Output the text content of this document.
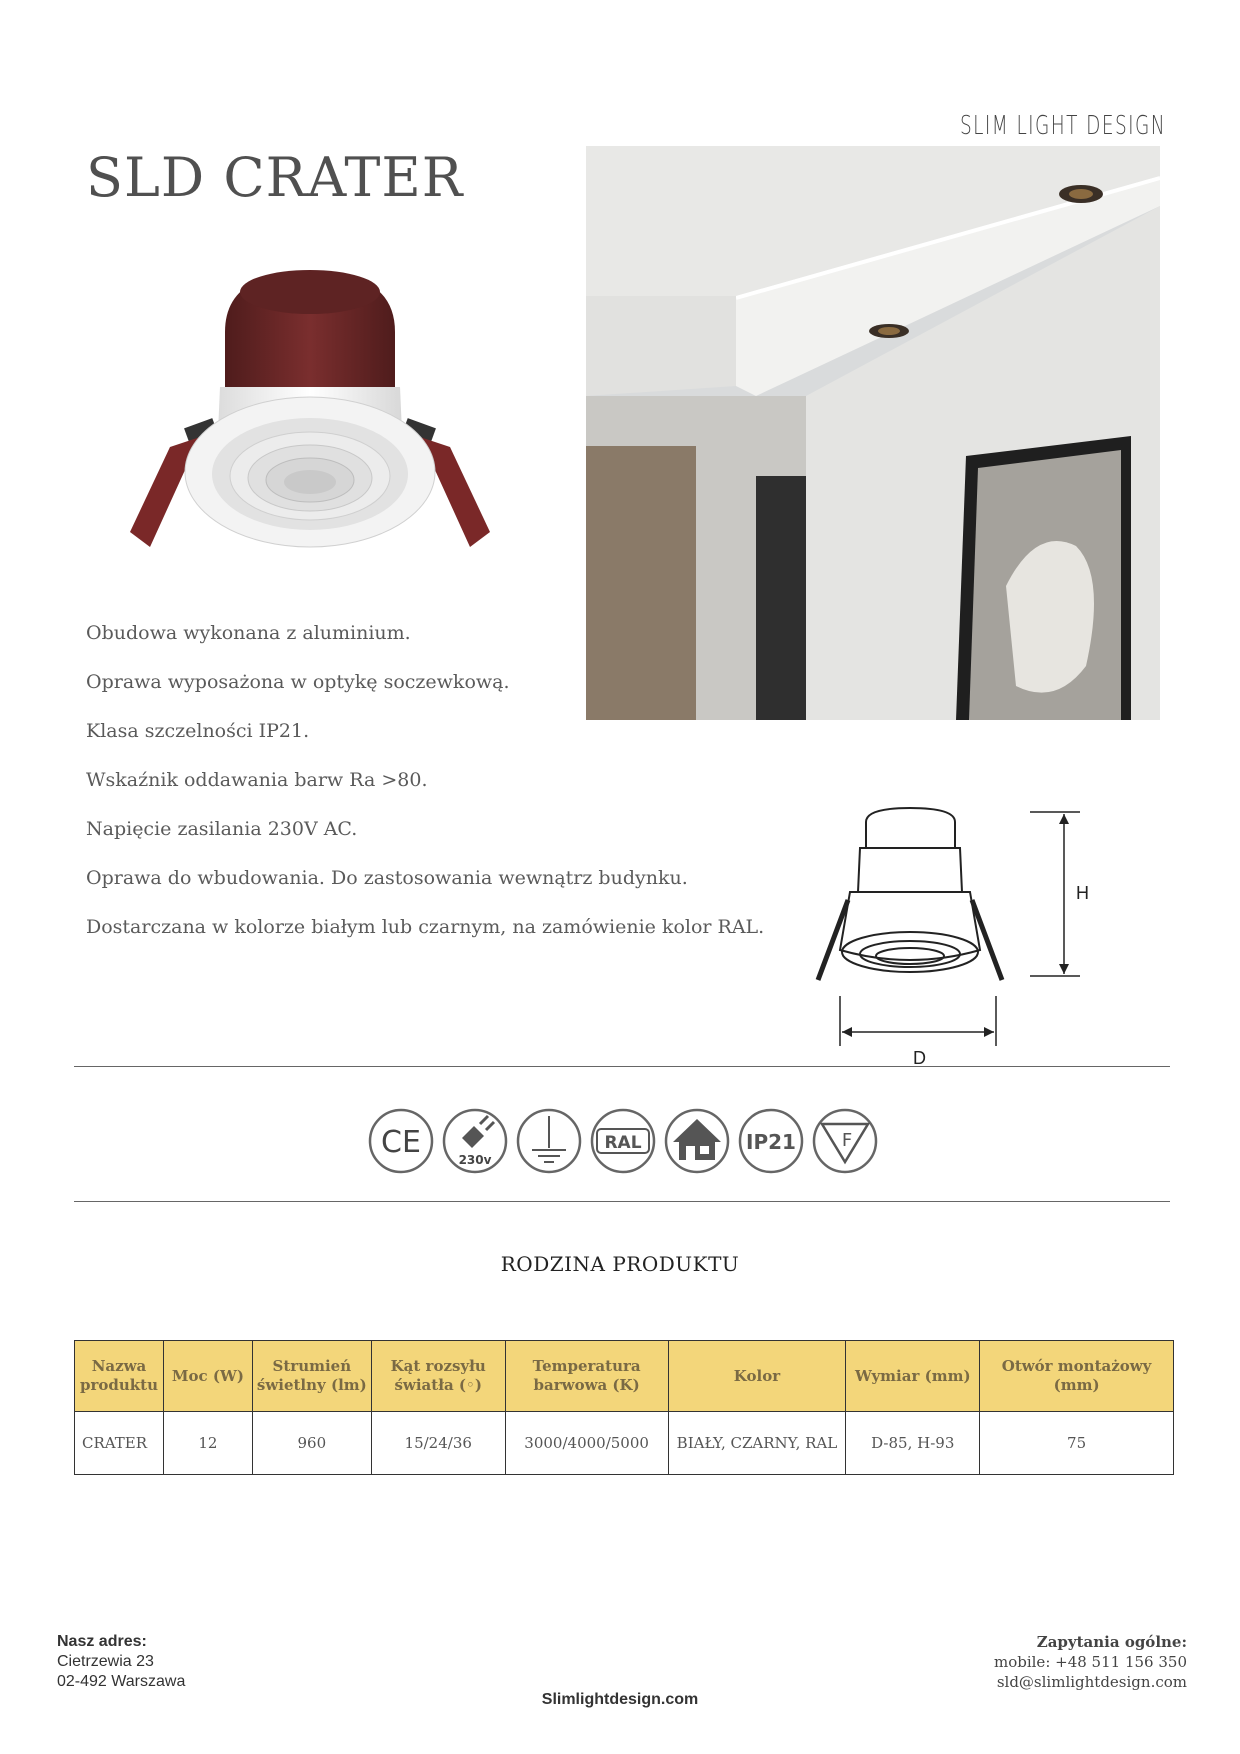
SLIM LIGHT DESIGN
SLD CRATER
Obudowa wykonana z aluminium.
Oprawa wyposażona w optykę soczewkową.
Klasa szczelności IP21.
Wskaźnik oddawania barw Ra >80.
Napięcie zasilania 230V AC.
Oprawa do wbudowania. Do zastosowania wewnątrz budynku.
Dostarczana w kolorze białym lub czarnym, na zamówienie kolor RAL.
H
D
CE	230v
RAL	IP21	F
RODZINA PRODUKTU
Nazwa produktu	Moc (W)	Strumień świetlny (lm)	Kąt rozsyłu światła (◦)	Temperatura barwowa (K)	Kolor	Wymiar (mm)	Otwór montażowy (mm)
CRATER	12	960	15/24/36	3000/4000/5000	BIAŁY, CZARNY, RAL	D-85, H-93	75
Nasz adres:
Cietrzewia 23
02-492 Warszawa
Slimlightdesign.com
Zapytania ogólne:
mobile: +48 511 156 350
sld@slimlightdesign.com
